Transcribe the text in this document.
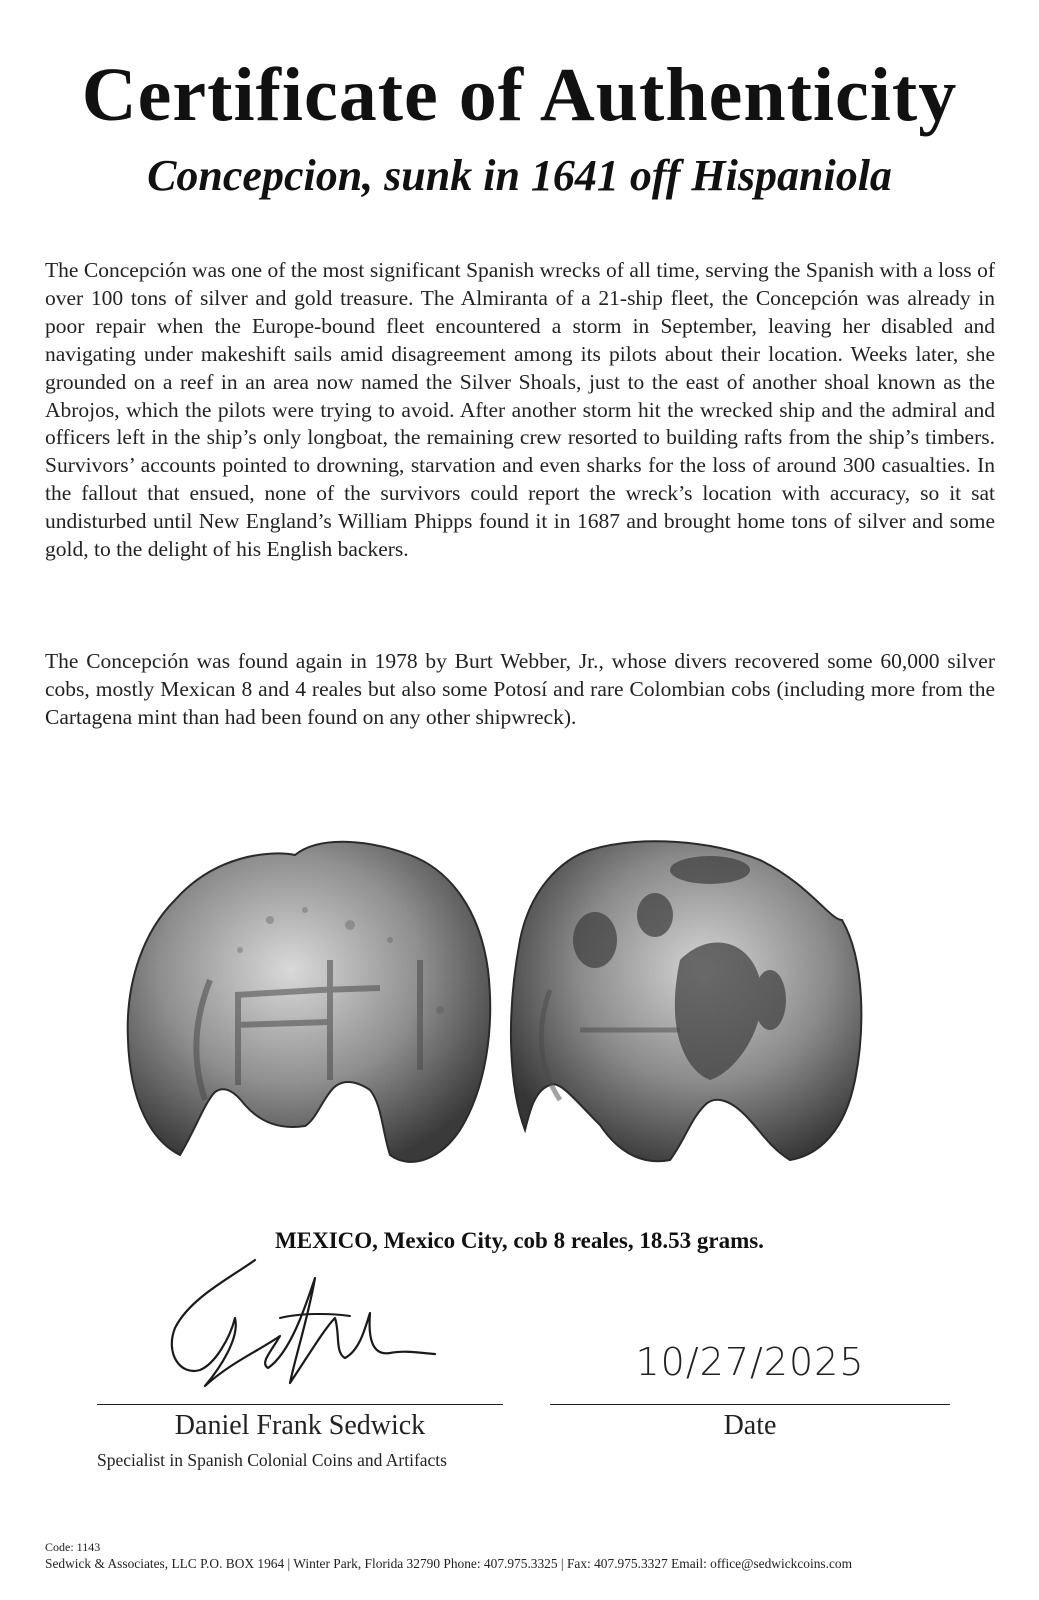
Certificate of Authenticity
Concepcion, sunk in 1641 off Hispaniola

The Concepción was one of the most significant Spanish wrecks of all time, serving the Spanish with a loss of over 100 tons of silver and gold treasure. The Almiranta of a 21-ship fleet, the Concepción was already in poor repair when the Europe-bound fleet encountered a storm in September, leaving her disabled and navigating under makeshift sails amid disagreement among its pilots about their location. Weeks later, she grounded on a reef in an area now named the Silver Shoals, just to the east of another shoal known as the Abrojos, which the pilots were trying to avoid. After another storm hit the wrecked ship and the admiral and officers left in the ship’s only longboat, the remaining crew resorted to building rafts from the ship’s timbers. Survivors’ accounts pointed to drowning, starvation and even sharks for the loss of around 300 casualties. In the fallout that ensued, none of the survivors could report the wreck’s location with accuracy, so it sat undisturbed until New England’s William Phipps found it in 1687 and brought home tons of silver and some gold, to the delight of his English backers.

The Concepción was found again in 1978 by Burt Webber, Jr., whose divers recovered some 60,000 silver cobs, mostly Mexican 8 and 4 reales but also some Potosí and rare Colombian cobs (including more from the Cartagena mint than had been found on any other shipwreck).

MEXICO, Mexico City, cob 8 reales, 18.53 grams.

10/27/2025
Daniel Frank Sedwick
Specialist in Spanish Colonial Coins and Artifacts
Date
Code: 1143
Sedwick & Associates, LLC P.O. BOX 1964 | Winter Park, Florida 32790 Phone: 407.975.3325 | Fax: 407.975.3327 Email: office@sedwickcoins.com
